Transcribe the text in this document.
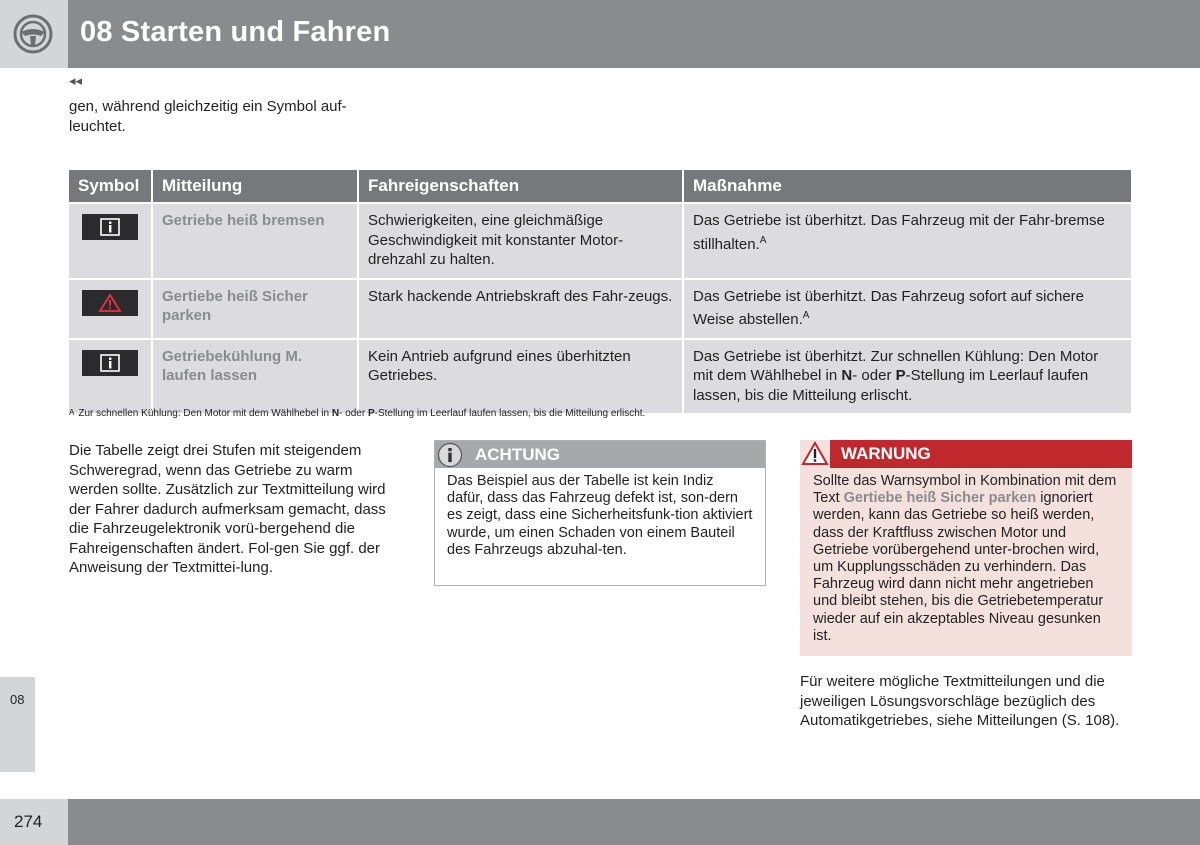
08 Starten und Fahren
◂◂
gen, während gleichzeitig ein Symbol auf-leuchtet.
Symbol	Mitteilung	Fahreigenschaften	Maßnahme

	Getriebe heiß bremsen	Schwierigkeiten, eine gleichmäßige Geschwindigkeit mit konstanter Motor-drehzahl zu halten.	Das Getriebe ist überhitzt. Das Fahrzeug mit der Fahr-bremse stillhalten.$^A$

	Gertiebe heiß Sicher parken	Stark hackende Antriebskraft des Fahr-zeugs.	Das Getriebe ist überhitzt. Das Fahrzeug sofort auf sichere Weise abstellen.$^A$

	Getriebekühlung M. laufen lassen	Kein Antrieb aufgrund eines überhitzten Getriebes.	Das Getriebe ist überhitzt. Zur schnellen Kühlung: Den Motor mit dem Wählhebel in N- oder P-Stellung im Leerlauf laufen lassen, bis die Mitteilung erlischt.
$^A$ Zur schnellen Kühlung: Den Motor mit dem Wählhebel in N- oder P-Stellung im Leerlauf laufen lassen, bis die Mitteilung erlischt.
Die Tabelle zeigt drei Stufen mit steigendem Schweregrad, wenn das Getriebe zu warm werden sollte. Zusätzlich zur Textmitteilung wird der Fahrer dadurch aufmerksam gemacht, dass die Fahrzeugelektronik vorü-bergehend die Fahreigenschaften ändert. Fol-gen Sie ggf. der Anweisung der Textmittei-lung.
ACHTUNG
Das Beispiel aus der Tabelle ist kein Indiz dafür, dass das Fahrzeug defekt ist, son-dern es zeigt, dass eine Sicherheitsfunk-tion aktiviert wurde, um einen Schaden von einem Bauteil des Fahrzeugs abzuhal-ten.
WARNUNG
Sollte das Warnsymbol in Kombination mit dem Text Gertiebe heiß Sicher parken ignoriert werden, kann das Getriebe so heiß werden, dass der Kraftfluss zwischen Motor und Getriebe vorübergehend unter-brochen wird, um Kupplungsschäden zu verhindern. Das Fahrzeug wird dann nicht mehr angetrieben und bleibt stehen, bis die Getriebetemperatur wieder auf ein akzeptables Niveau gesunken ist.
Für weitere mögliche Textmitteilungen und die jeweiligen Lösungsvorschläge bezüglich des Automatikgetriebes, siehe Mitteilungen (S. 108).
08
274
